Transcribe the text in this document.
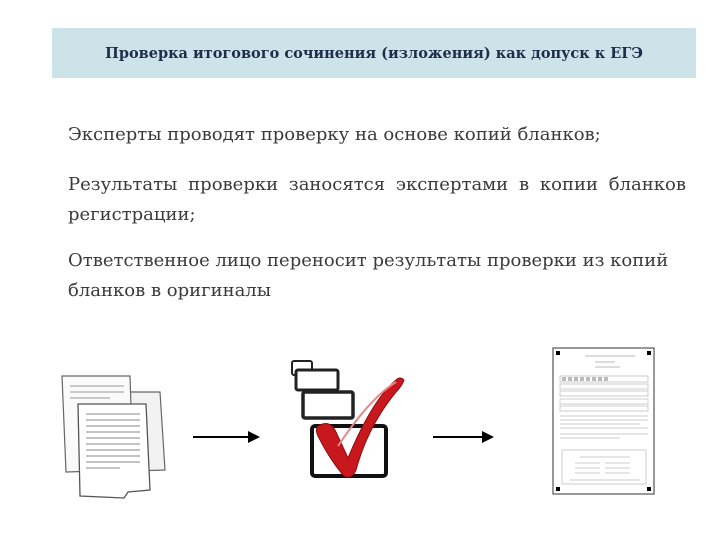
Проверка итогового сочинения (изложения) как допуск к ЕГЭ
Эксперты проводят проверку на основе копий бланков;
Результаты проверки заносятся экспертами в копии бланков регистрации;
Ответственное лицо переносит результаты проверки из копий бланков в оригиналы
